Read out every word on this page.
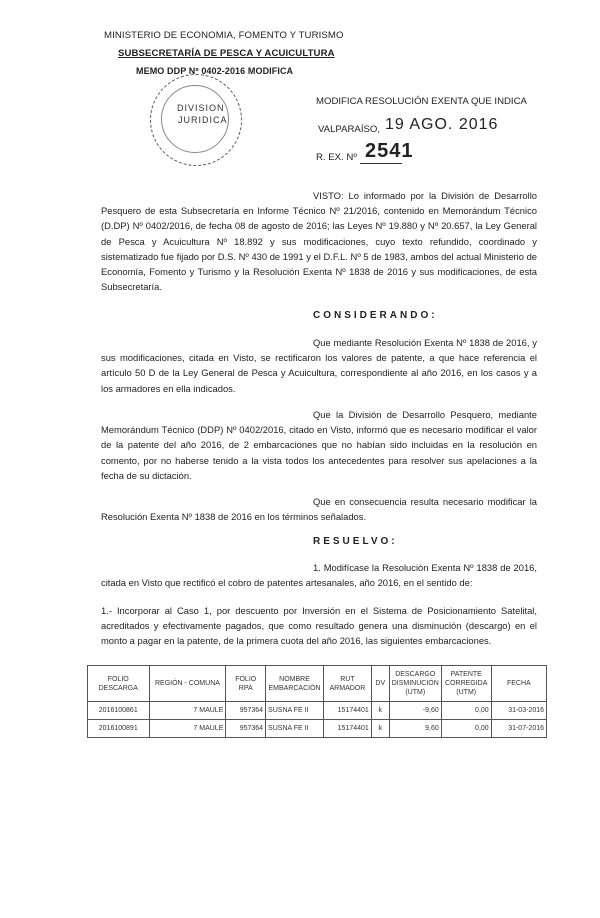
MINISTERIO DE ECONOMIA, FOMENTO Y TURISMO
SUBSECRETARÍA DE PESCA Y ACUICULTURA
MEMO DDP Nº 0402-2016 MODIFICA
DIVISION
JURIDICA
MODIFICA RESOLUCIÓN EXENTA QUE INDICA
VALPARAÍSO, 19 AGO. 2016
R. EX. Nº 2541
VISTO: Lo informado por la División de Desarrollo Pesquero de esta Subsecretaría en Informe Técnico Nº 21/2016, contenido en Memorándum Técnico (D.DP) Nº 0402/2016, de fecha 08 de agosto de 2016; las Leyes Nº 19.880 y Nº 20.657, la Ley General de Pesca y Acuicultura Nº 18.892 y sus modificaciones, cuyo texto refundido, coordinado y sistematizado fue fijado por D.S. Nº 430 de 1991 y el D.F.L. Nº 5 de 1983, ambos del actual Ministerio de Economía, Fomento y Turismo y la Resolución Exenta Nº 1838 de 2016 y sus modificaciones, de esta Subsecretaría.
CONSIDERANDO:
Que mediante Resolución Exenta Nº 1838 de 2016, y sus modificaciones, citada en Visto, se rectificaron los valores de patente, a que hace referencia el artículo 50 D de la Ley General de Pesca y Acuicultura, correspondiente al año 2016, en los casos y a los armadores en ella indicados.
Que la División de Desarrollo Pesquero, mediante Memorándum Técnico (DDP) Nº 0402/2016, citado en Visto, informó que es necesario modificar el valor de la patente del año 2016, de 2 embarcaciones que no habían sido incluidas en la resolución en comento, por no haberse tenido a la vista todos los antecedentes para resolver sus apelaciones a la fecha de su dictación.
Que en consecuencia resulta necesario modificar la Resolución Exenta Nº 1838 de 2016 en los términos señalados.
RESUELVO:
1. Modifícase la Resolución Exenta Nº 1838 de 2016, citada en Visto que rectificó el cobro de patentes artesanales, año 2016, en el sentido de:
1.- Incorporar al Caso 1, por descuento por Inversión en el Sistema de Posicionamiento Satelital, acreditados y efectivamente pagados, que como resultado genera una disminución (descargo) en el monto a pagar en la patente, de la primera cuota del año 2016, las siguientes embarcaciones.
FOLIO DESCARGA	REGIÓN - COMUNA	FOLIO RPA	NOMBRE EMBARCACIÓN	RUT ARMADOR	DV	DESCARGO DISMINUCIÓN (UTM)	PATENTE CORREGIDA (UTM)	FECHA
2016100861	7 MAULE	957364	SUSNA FE II	15174401	k	-9,60	0,00	31-03-2016
2016100891	7 MAULE	957364	SUSNA FE II	15174401	k	9,60	0,00	31-07-2016
